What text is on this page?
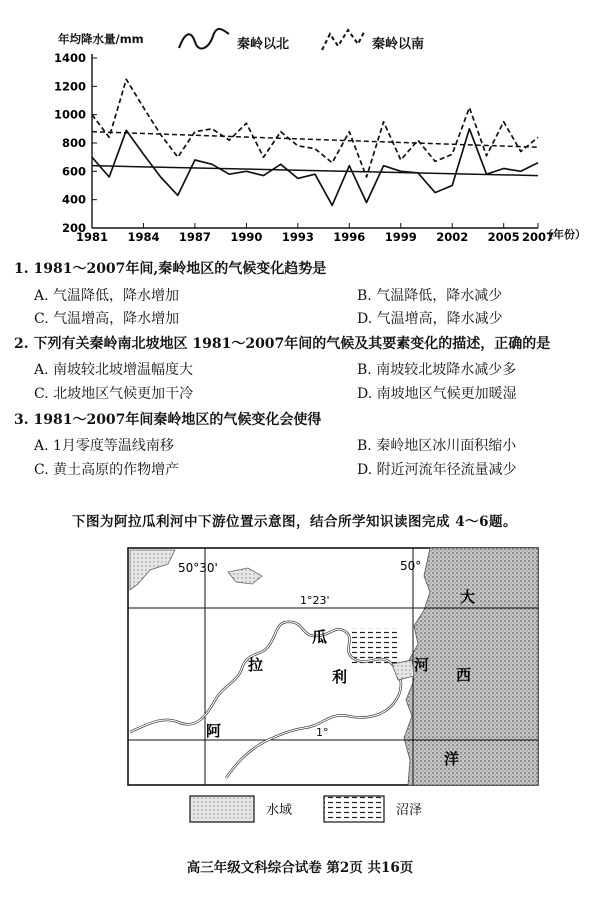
200
400
600
800
1000
1200
1400
1981 1984 1987 1990 1993 1996 1999 2002 2005 2007
年均降水量/mm
（年份）
秦岭以北	秦岭以南
1. 1981～2007年间,秦岭地区的气候变化趋势是
A. 气温降低，降水增加	B. 气温降低，降水减少
C. 气温增高，降水增加	D. 气温增高，降水减少
2. 下列有关秦岭南北坡地区 1981～2007年间的气候及其要素变化的描述，正确的是
A. 南坡较北坡增温幅度大	B. 南坡较北坡降水减少多
C. 北坡地区气候更加干冷	D. 南坡地区气候更加暖湿
3. 1981～2007年间秦岭地区的气候变化会使得
A. 1月零度等温线南移	B. 秦岭地区冰川面积缩小
C. 黄土高原的作物增产	D. 附近河流年径流量减少
下图为阿拉瓜利河中下游位置示意图，结合所学知识读图完成 4～6题。
50°30'	50°
1°23'
1°
阿
拉
瓜
利
河
大
西
洋
水域	沼泽
高三年级文科综合试卷 第2页 共16页
